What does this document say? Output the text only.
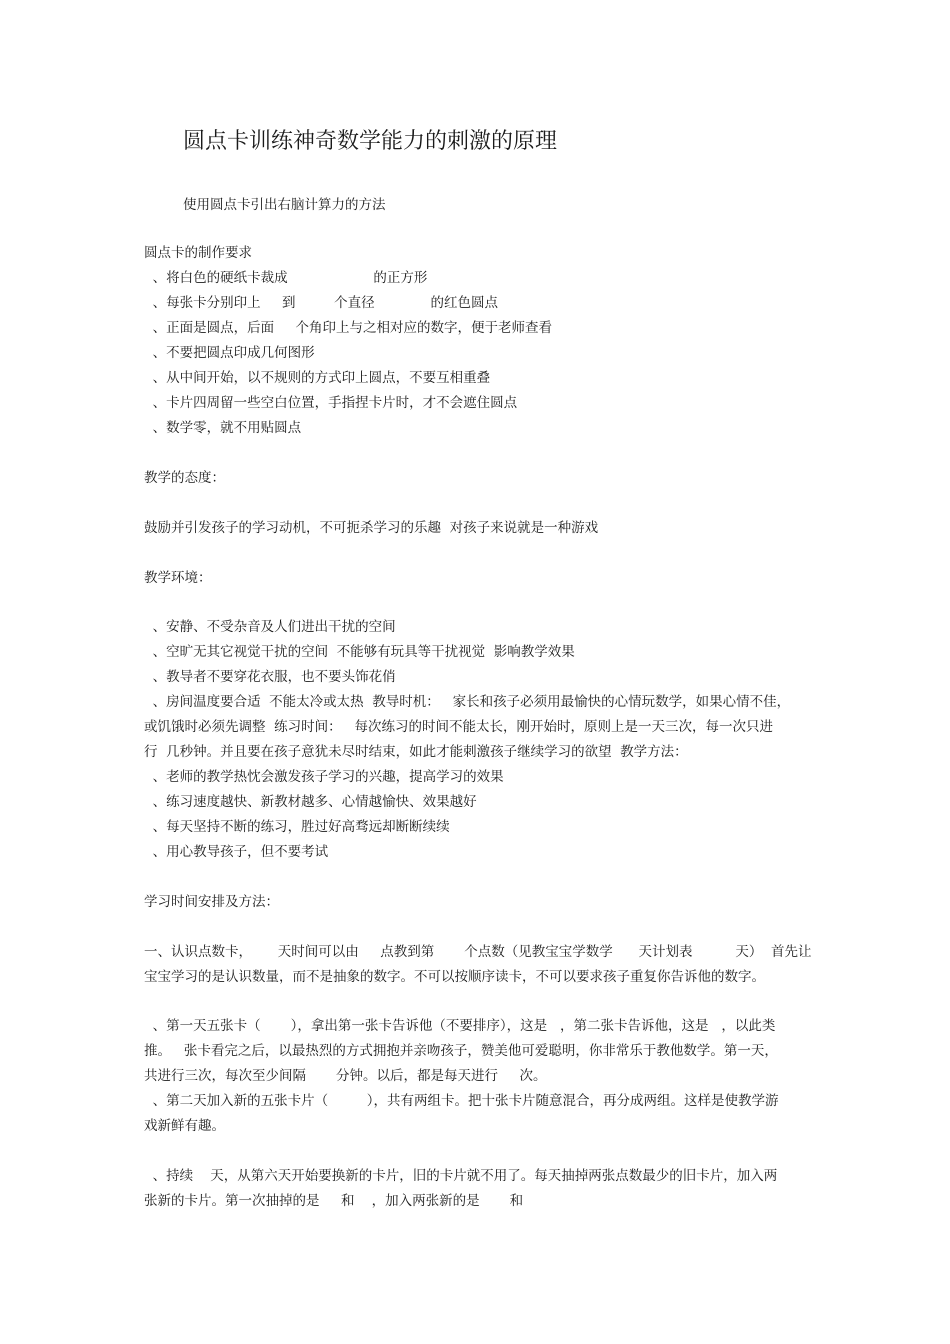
圆点卡训练神奇数学能力的刺激的原理
使用圆点卡引出右脑计算力的方法
圆点卡的制作要求
、将白色的硬纸卡裁成                    的正方形
、每张卡分别印上     到         个直径             的红色圆点
、正面是圆点，后面     个角印上与之相对应的数字，便于老师查看
、不要把圆点印成几何图形
、从中间开始，以不规则的方式印上圆点，不要互相重叠
、卡片四周留一些空白位置，手指捏卡片时，才不会遮住圆点
、数学零，就不用贴圆点
教学的态度：
鼓励并引发孩子的学习动机，不可扼杀学习的乐趣  对孩子来说就是一种游戏
教学环境：
、安静、不受杂音及人们进出干扰的空间
、空旷无其它视觉干扰的空间  不能够有玩具等干扰视觉  影响教学效果
、教导者不要穿花衣服，也不要头饰花俏
、房间温度要合适  不能太冷或太热  教导时机：   家长和孩子必须用最愉快的心情玩数学，如果心情不佳，
或饥饿时必须先调整  练习时间：   每次练习的时间不能太长，刚开始时，原则上是一天三次，每一次只进
行  几秒钟。并且要在孩子意犹未尽时结束，如此才能刺激孩子继续学习的欲望  教学方法：
、老师的教学热忱会激发孩子学习的兴趣，提高学习的效果
、练习速度越快、新教材越多、心情越愉快、效果越好
、每天坚持不断的练习，胜过好高骛远却断断续续
、用心教导孩子，但不要考试
学习时间安排及方法：
一、认识点数卡，      天时间可以由     点教到第       个点数（见教宝宝学数学      天计划表          天）  首先让
宝宝学习的是认识数量，而不是抽象的数字。不可以按顺序读卡，不可以要求孩子重复你告诉他的数字。
、第一天五张卡（       ），拿出第一张卡告诉他（不要排序），这是   ，第二张卡告诉他，这是   ，以此类
推。   张卡看完之后，以最热烈的方式拥抱并亲吻孩子，赞美他可爱聪明，你非常乐于教他数学。第一天，
共进行三次，每次至少间隔       分钟。以后，都是每天进行     次。
、第二天加入新的五张卡片（         ），共有两组卡。把十张卡片随意混合，再分成两组。这样是使教学游
戏新鲜有趣。
、持续    天，从第六天开始要换新的卡片，旧的卡片就不用了。每天抽掉两张点数最少的旧卡片，加入两
张新的卡片。第一次抽掉的是     和    ，加入两张新的是       和
